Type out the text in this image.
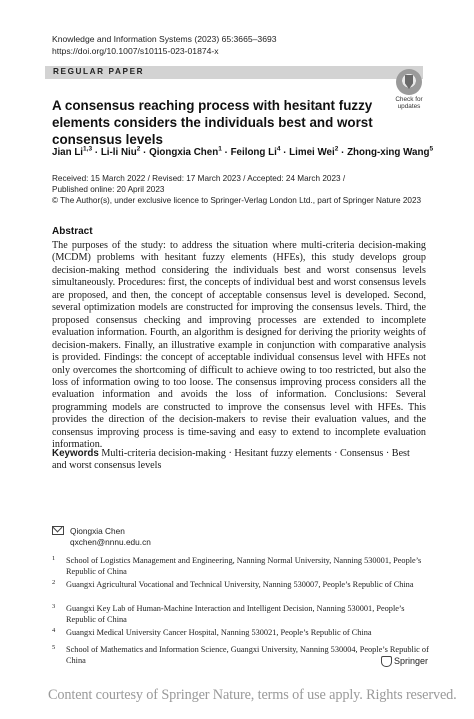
Knowledge and Information Systems (2023) 65:3665–3693
https://doi.org/10.1007/s10115-023-01874-x
REGULAR PAPER
Check for
updates
A consensus reaching process with hesitant fuzzy elements considers the individuals best and worst consensus levels
Jian Li$^{1,3}$ · Li-li Niu$^2$ · Qiongxia Chen$^1$ · Feilong $Li^4$ · Limei Wei$^2$ · Zhong-xing Wang$^5$
Received: 15 March 2022 / Revised: 17 March 2023 / Accepted: 24 March 2023 /
Published online: 20 April 2023
© The Author(s), under exclusive licence to Springer-Verlag London Ltd., part of Springer Nature 2023
Abstract
The purposes of the study: to address the situation where multi-criteria decision-making (MCDM) problems with hesitant fuzzy elements (HFEs), this study develops group decision-making method considering the individuals best and worst consensus levels simultaneously. Procedures: first, the concepts of individual best and worst consensus levels are proposed, and then, the concept of acceptable consensus level is developed. Second, several optimization models are constructed for improving the consensus levels. Third, the proposed consensus checking and improving processes are extended to incomplete evaluation information. Fourth, an algorithm is designed for deriving the priority weights of decision-makers. Finally, an illustrative example in conjunction with comparative analysis is provided. Findings: the concept of acceptable individual consensus level with HFEs not only overcomes the shortcoming of difficult to achieve owing to too restricted, but also the loss of information owing to too loose. The consensus improving process considers all the evaluation information and avoids the loss of information. Conclusions: Several programming models are constructed to improve the consensus level with HFEs. This provides the direction of the decision-makers to revise their evaluation values, and the consensus improving process is time-saving and easy to extend to incomplete evaluation information.
Keywords Multi-criteria decision-making · Hesitant fuzzy elements · Consensus · Best and worst consensus levels
Qiongxia Chen
qxchen@nnnu.edu.cn
1 School of Logistics Management and Engineering, Nanning Normal University, Nanning 530001, People’s Republic of China
2 Guangxi Agricultural Vocational and Technical University, Nanning 530007, People’s Republic of China
3 Guangxi Key Lab of Human-Machine Interaction and Intelligent Decision, Nanning 530001, People’s Republic of China
4 Guangxi Medical University Cancer Hospital, Nanning 530021, People’s Republic of China
5 School of Mathematics and Information Science, Guangxi University, Nanning 530004, People’s Republic of China	Springer
Content courtesy of Springer Nature, terms of use apply. Rights reserved.
